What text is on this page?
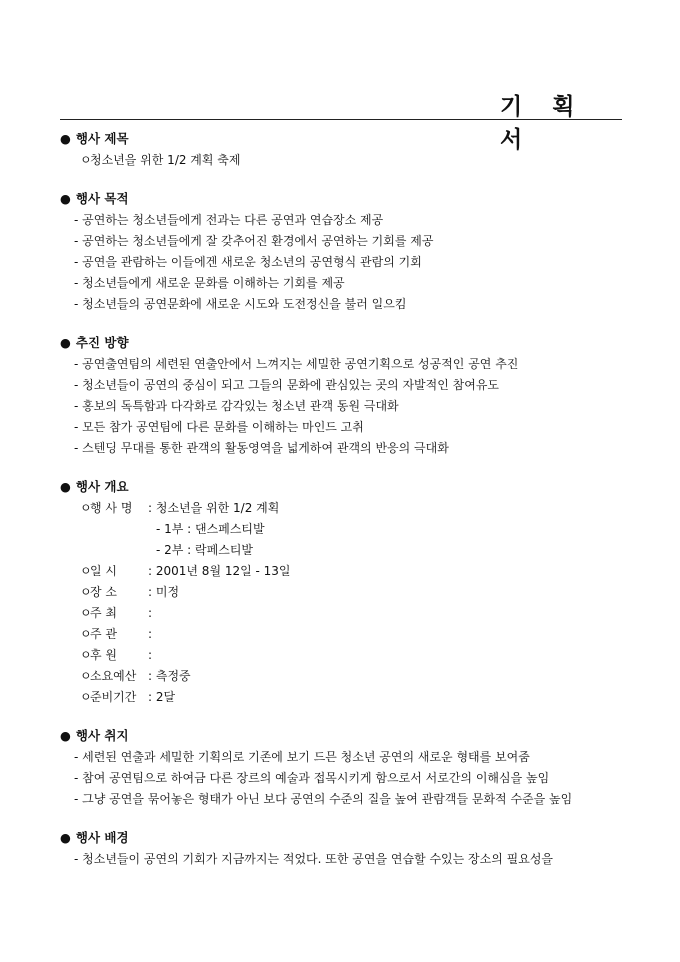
기 획 서
● 행사 제목
ㅇ청소년을 위한 1/2 계획 축제
● 행사 목적
- 공연하는 청소년들에게 전과는 다른 공연과 연습장소 제공
- 공연하는 청소년들에게 잘 갖추어진 환경에서 공연하는 기회를 제공
- 공연을 관람하는 이들에겐 새로운 청소년의 공연형식 관람의 기회
- 청소년들에게 새로운 문화를 이해하는 기회를 제공
- 청소년들의 공연문화에 새로운 시도와 도전정신을 불러 일으킴
● 추진 방향
- 공연출연팀의 세련된 연출안에서 느껴지는 세밀한 공연기획으로 성공적인 공연 추진
- 청소년들이 공연의 중심이 되고 그들의 문화에 관심있는 곳의 자발적인 참여유도
- 홍보의 독특함과 다각화로 감각있는 청소년 관객 동원 극대화
- 모든 참가 공연팀에 다른 문화를 이해하는 마인드 고취
- 스텐딩 무대를 통한 관객의 활동영역을 넓게하여 관객의 반응의 극대화
● 행사 개요
ㅇ행 사 명 : 청소년을 위한 1/2 계획
- 1부 : 댄스페스티발
- 2부 : 락페스티발
ㅇ일 시	: 2001년 8월 12일 - 13일
ㅇ장 소	: 미정
ㅇ주 최	:
ㅇ주 관	:
ㅇ후 원	:
ㅇ소요예산 : 측정중
ㅇ준비기간 : 2달
● 행사 취지
- 세련된 연출과 세밀한 기획의로 기존에 보기 드믄 청소년 공연의 새로운 형태를 보여줌
- 참여 공연팀으로 하여금 다른 장르의 예술과 접목시키게 함으로서 서로간의 이해심을 높임
- 그냥 공연을 묶어놓은 형태가 아닌 보다 공연의 수준의 질을 높여 관람객들 문화적 수준을 높임
● 행사 배경
- 청소년들이 공연의 기회가 지금까지는 적었다. 또한 공연을 연습할 수있는 장소의 필요성을
